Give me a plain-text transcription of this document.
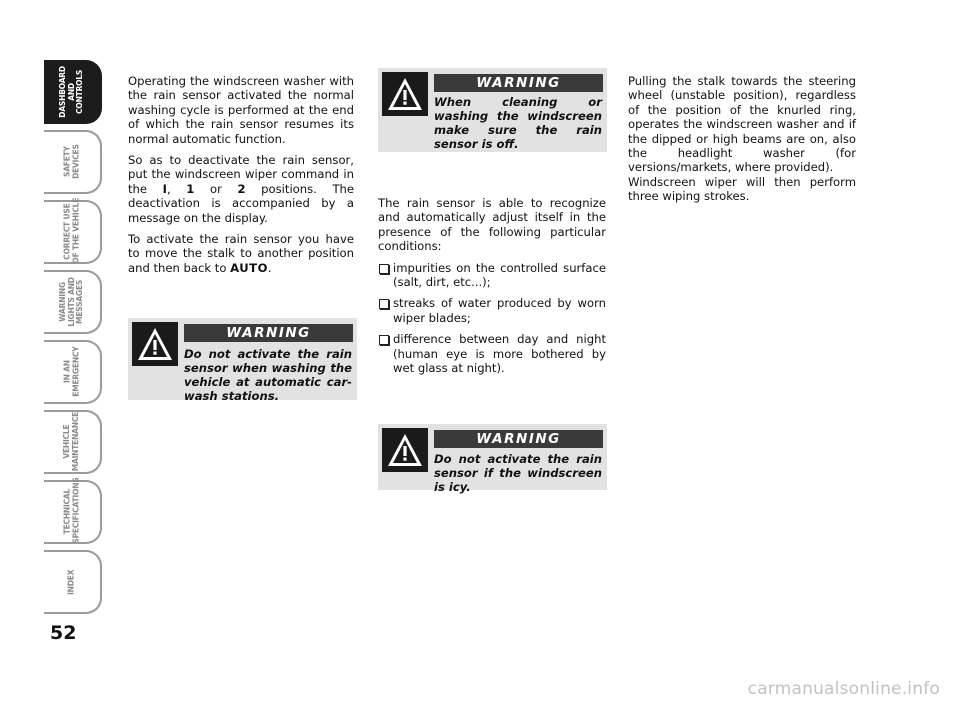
DASHBOARD
AND
CONTROLS
SAFETY
DEVICES
CORRECT USE
OF THE VEHICLE
WARNING
LIGHTS AND
MESSAGES
IN AN
EMERGENCY
VEHICLE
MAINTENANCE
TECHNICAL
SPECIFICATIONS
INDEX
52

Operating the windscreen washer with the rain sensor activated the normal washing cycle is performed at the end of which the rain sensor resumes its normal automatic function.

So as to deactivate the rain sensor, put the windscreen wiper command in the I, 1 or 2 positions. The deactivation is accompanied by a message on the display.

To activate the rain sensor you have to move the stalk to another position and then back to AUTO.

WARNING
When cleaning or washing the windscreen make sure the rain sensor is off.

The rain sensor is able to recognize and automatically adjust itself in the presence of the following particular conditions:

impurities on the controlled surface (salt, dirt, etc...);
streaks of water produced by worn wiper blades;
difference between day and night (human eye is more bothered by wet glass at night).
WARNING
Do not activate the rain sensor when washing the vehicle at automatic car-wash stations.
WARNING
Do not activate the rain sensor if the windscreen is icy.

Pulling the stalk towards the steering wheel (unstable position), regardless of the position of the knurled ring, operates the windscreen washer and if the dipped or high beams are on, also the headlight washer (for versions/markets, where provided).

Windscreen wiper will then perform three wiping strokes.

carmanualsonline.info
